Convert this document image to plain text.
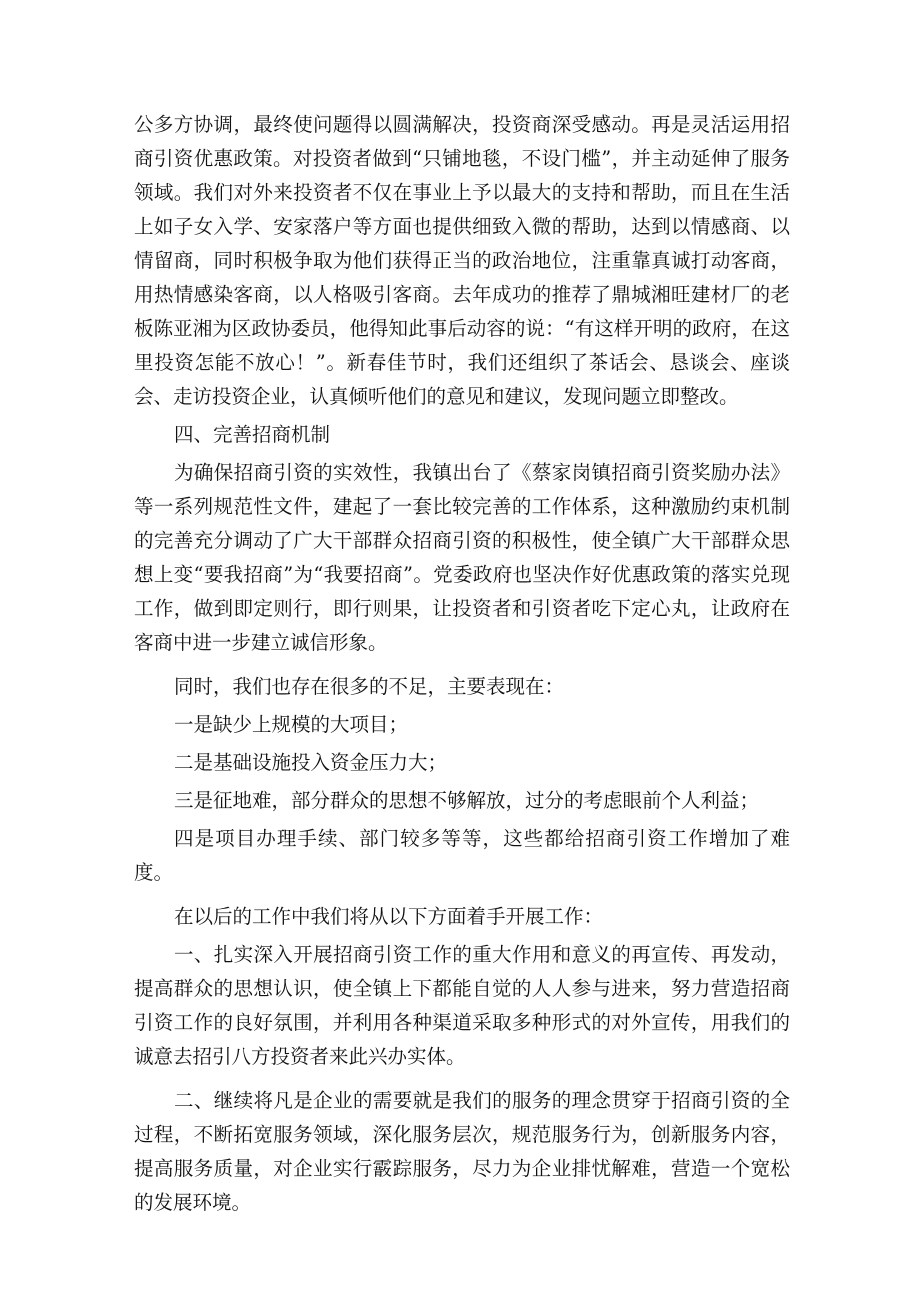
公多方协调，最终使问题得以圆满解决，投资商深受感动。再是灵活运用招商引资优惠政策。对投资者做到“只铺地毯，不设门槛”，并主动延伸了服务领域。我们对外来投资者不仅在事业上予以最大的支持和帮助，而且在生活上如子女入学、安家落户等方面也提供细致入微的帮助，达到以情感商、以情留商，同时积极争取为他们获得正当的政治地位，注重靠真诚打动客商，用热情感染客商，以人格吸引客商。去年成功的推荐了鼎城湘旺建材厂的老板陈亚湘为区政协委员，他得知此事后动容的说：“有这样开明的政府，在这里投资怎能不放心！”。新春佳节时，我们还组织了茶话会、恳谈会、座谈会、走访投资企业，认真倾听他们的意见和建议，发现问题立即整改。

四、完善招商机制

为确保招商引资的实效性，我镇出台了《蔡家岗镇招商引资奖励办法》等一系列规范性文件，建起了一套比较完善的工作体系，这种激励约束机制的完善充分调动了广大干部群众招商引资的积极性，使全镇广大干部群众思想上变“要我招商”为“我要招商”。党委政府也坚决作好优惠政策的落实兑现工作，做到即定则行，即行则果，让投资者和引资者吃下定心丸，让政府在客商中进一步建立诚信形象。

同时，我们也存在很多的不足，主要表现在：

一是缺少上规模的大项目；

二是基础设施投入资金压力大；

三是征地难，部分群众的思想不够解放，过分的考虑眼前个人利益；

四是项目办理手续、部门较多等等，这些都给招商引资工作增加了难度。

在以后的工作中我们将从以下方面着手开展工作：

一、扎实深入开展招商引资工作的重大作用和意义的再宣传、再发动，提高群众的思想认识，使全镇上下都能自觉的人人参与进来，努力营造招商引资工作的良好氛围，并利用各种渠道采取多种形式的对外宣传，用我们的诚意去招引八方投资者来此兴办实体。

二、继续将凡是企业的需要就是我们的服务的理念贯穿于招商引资的全过程，不断拓宽服务领域，深化服务层次，规范服务行为，创新服务内容，提高服务质量，对企业实行霰踪服务，尽力为企业排忧解难，营造一个宽松的发展环境。
